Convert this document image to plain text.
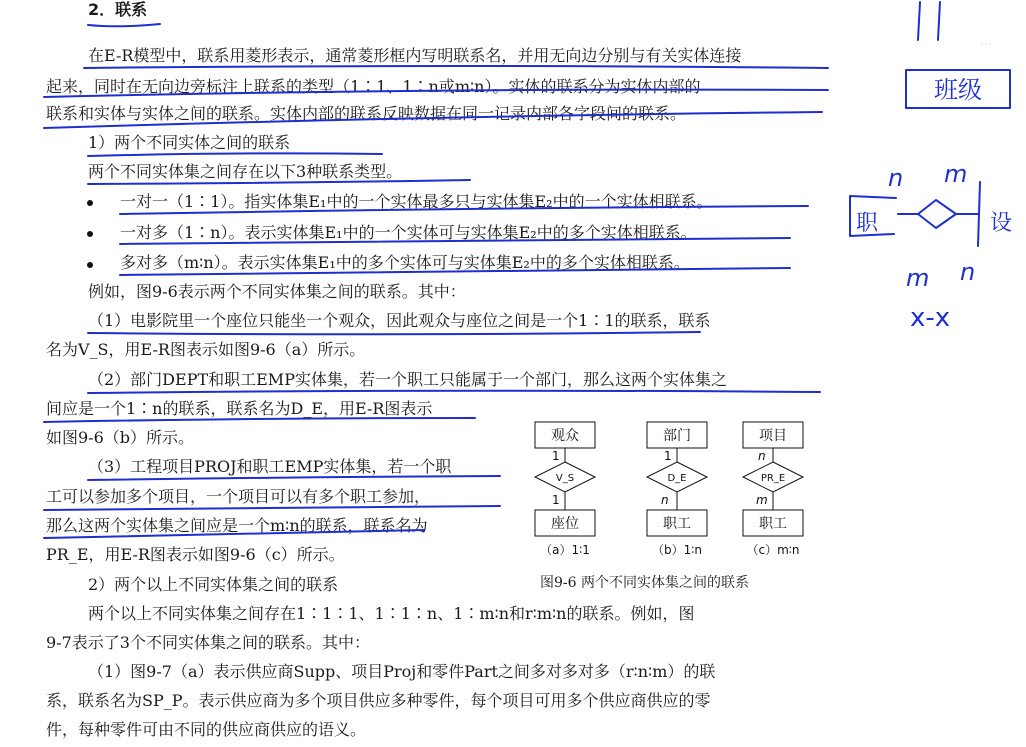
···
2．联系
在E-R模型中，联系用菱形表示，通常菱形框内写明联系名，并用无向边分别与有关实体连接
起来，同时在无向边旁标注上联系的类型（1∶1、1∶n或m∶n）。实体的联系分为实体内部的
联系和实体与实体之间的联系。实体内部的联系反映数据在同一记录内部各字段间的联系。
1）两个不同实体之间的联系
两个不同实体集之间存在以下3种联系类型。
一对一（1∶1）。指实体集E₁中的一个实体最多只与实体集E₂中的一个实体相联系。
一对多（1∶n）。表示实体集E₁中的一个实体可与实体集E₂中的多个实体相联系。
多对多（m∶n）。表示实体集E₁中的多个实体可与实体集E₂中的多个实体相联系。
例如，图9-6表示两个不同实体集之间的联系。其中：
（1）电影院里一个座位只能坐一个观众，因此观众与座位之间是一个1∶1的联系，联系
名为V_S，用E-R图表示如图9-6（a）所示。
（2）部门DEPT和职工EMP实体集，若一个职工只能属于一个部门，那么这两个实体集之
间应是一个1∶n的联系，联系名为D_E，用E-R图表示
如图9-6（b）所示。
（3）工程项目PROJ和职工EMP实体集，若一个职
工可以参加多个项目，一个项目可以有多个职工参加，
那么这两个实体集之间应是一个m∶n的联系，联系名为
PR_E，用E-R图表示如图9-6（c）所示。
2）两个以上不同实体集之间的联系
两个以上不同实体集之间存在1∶1∶1、1∶1∶n、1∶m∶n和r∶m∶n的联系。例如，图
9-7表示了3个不同实体集之间的联系。其中：
（1）图9-7（a）表示供应商Supp、项目Proj和零件Part之间多对多对多（r∶n∶m）的联
系，联系名为SP_P。表示供应商为多个项目供应多种零件，每个项目可用多个供应商供应的零
件，每种零件可由不同的供应商供应的语义。
观众
1
V_S
1
座位
（a）1∶1
部门
1
D_E
n
职工
（b）1∶n
项目
n
PR_E
m
职工
（c）m∶n
图9-6 两个不同实体集之间的联系
班级
n m
职	设
m n
x-x
